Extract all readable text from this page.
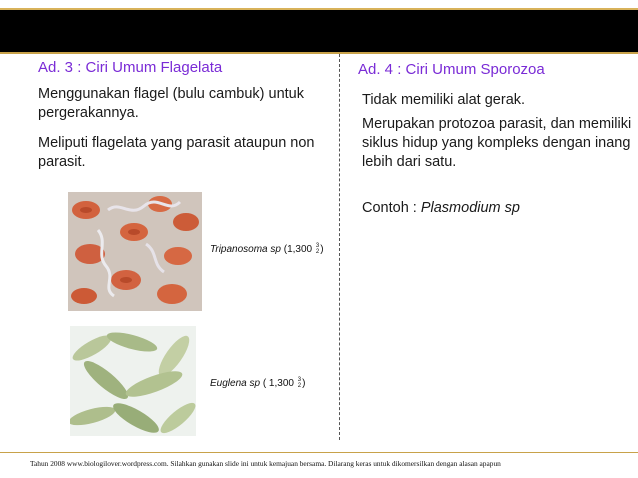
Ad. 3 : Ciri Umum Flagelata
Menggunakan flagel (bulu cambuk) untuk pergerakannya.
Meliputi flagelata yang parasit ataupun non parasit.
Tripanosoma sp (1,300 3
2 )
Euglena sp ( 1,300 3
2 )
Ad. 4 : Ciri Umum Sporozoa
Tidak memiliki alat gerak.
Merupakan protozoa parasit, dan memiliki siklus hidup yang kompleks dengan inang lebih dari satu.
Contoh : Plasmodium sp
Tahun 2008 www.biologilover.wordpress.com. Silahkan gunakan slide ini untuk kemajuan bersama. Dilarang keras untuk dikomersilkan dengan alasan apapun
